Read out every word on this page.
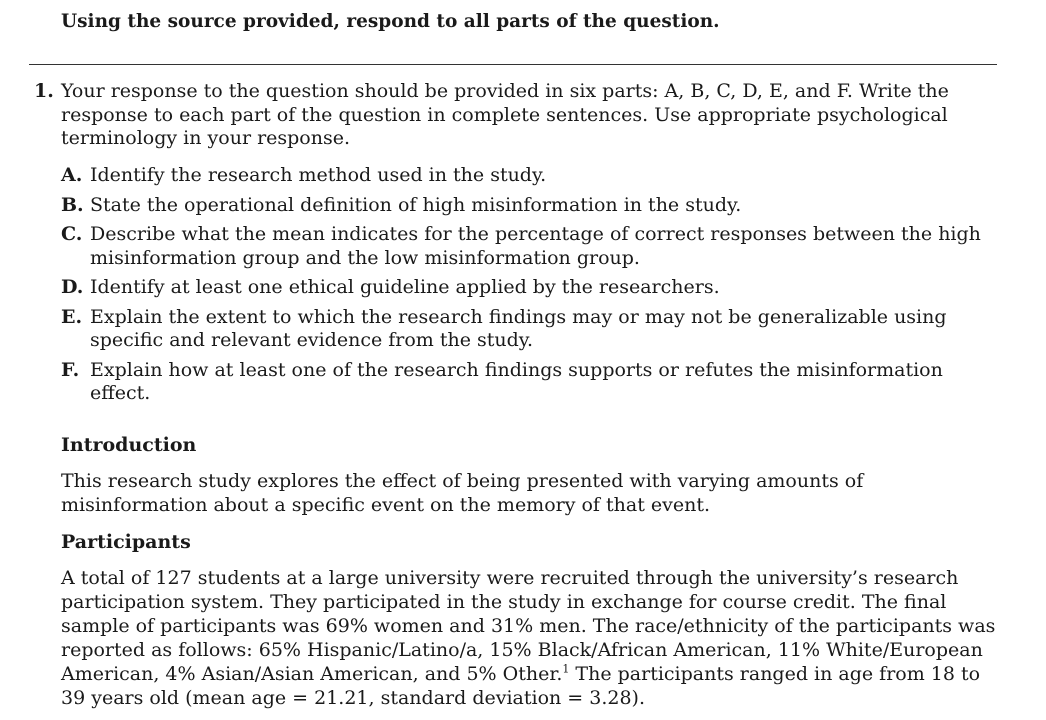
Using the source provided, respond to all parts of the question.
1. Your response to the question should be provided in six parts: A, B, C, D, E, and F. Write the response to each part of the question in complete sentences. Use appropriate psychological terminology in your response.
A. Identify the research method used in the study.
B. State the operational definition of high misinformation in the study.
C. Describe what the mean indicates for the percentage of correct responses between the high misinformation group and the low misinformation group.
D. Identify at least one ethical guideline applied by the researchers.
E. Explain the extent to which the research findings may or may not be generalizable using specific and relevant evidence from the study.
F. Explain how at least one of the research findings supports or refutes the misinformation effect.
Introduction
This research study explores the effect of being presented with varying amounts of misinformation about a specific event on the memory of that event.
Participants
A total of 127 students at a large university were recruited through the university’s research participation system. They participated in the study in exchange for course credit. The final sample of participants was 69% women and 31% men. The race/ethnicity of the participants was reported as follows: 65% Hispanic/Latino/a, 15% Black/African American, 11% White/European American, 4% Asian/Asian American, and 5% Other.$^1$ The participants ranged in age from 18 to 39 years old (mean age = 21.21, standard deviation = 3.28).
